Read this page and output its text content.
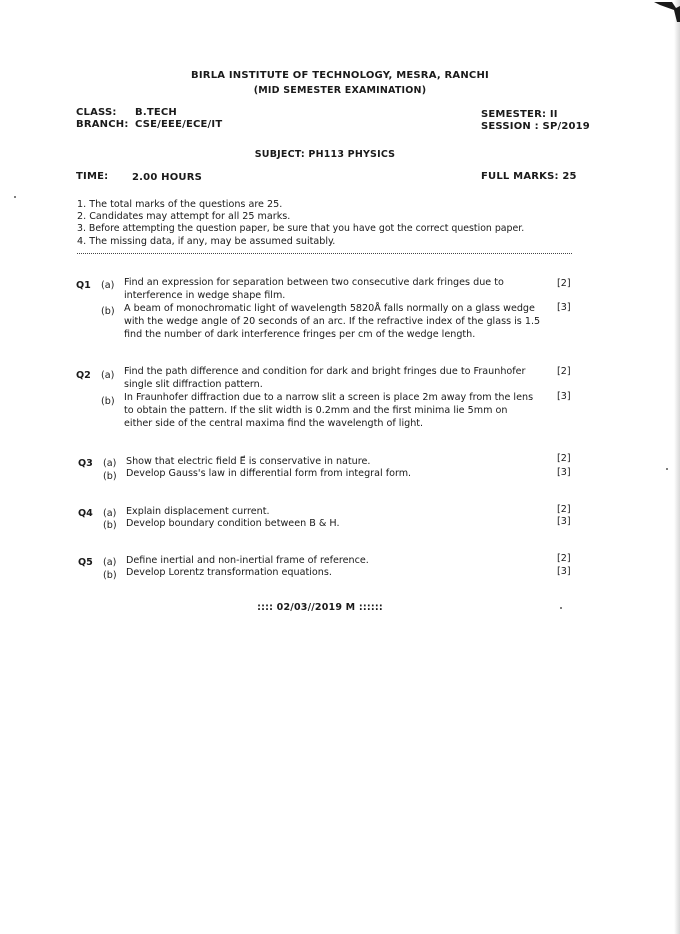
BIRLA INSTITUTE OF TECHNOLOGY, MESRA, RANCHI
(MID SEMESTER EXAMINATION)
CLASS: B.TECH
BRANCH: CSE/EEE/ECE/IT
SEMESTER: II
SESSION : SP/2019
SUBJECT: PH113 PHYSICS
TIME: 2.00 HOURS	FULL MARKS: 25
1. The total marks of the questions are 25.
2. Candidates may attempt for all 25 marks.
3. Before attempting the question paper, be sure that you have got the correct question paper.
4. The missing data, if any, may be assumed suitably.
Q1 (a) Find an expression for separation between two consecutive dark fringes due to
interference in wedge shape film.
[2]
(b) A beam of monochromatic light of wavelength 5820Å falls normally on a glass wedge
with the wedge angle of 20 seconds of an arc. If the refractive index of the glass is 1.5
find the number of dark interference fringes per cm of the wedge length.
[3]
Q2 (a) Find the path difference and condition for dark and bright fringes due to Fraunhofer
single slit diffraction pattern.
[2]
(b) In Fraunhofer diffraction due to a narrow slit a screen is place 2m away from the lens
to obtain the pattern. If the slit width is 0.2mm and the first minima lie 5mm on
either side of the central maxima find the wavelength of light.
[3]
Q3 (a) Show that electric field E⃗ is conservative in nature.	[2]
(b) Develop Gauss's law in differential form from integral form.	[3]
Q4 (a) Explain displacement current.	[2]
(b) Develop boundary condition between B & H.	[3]
Q5 (a) Define inertial and non-inertial frame of reference.	[2]
(b) Develop Lorentz transformation equations.	[3]
:::: 02/03//2019 M ::::::
